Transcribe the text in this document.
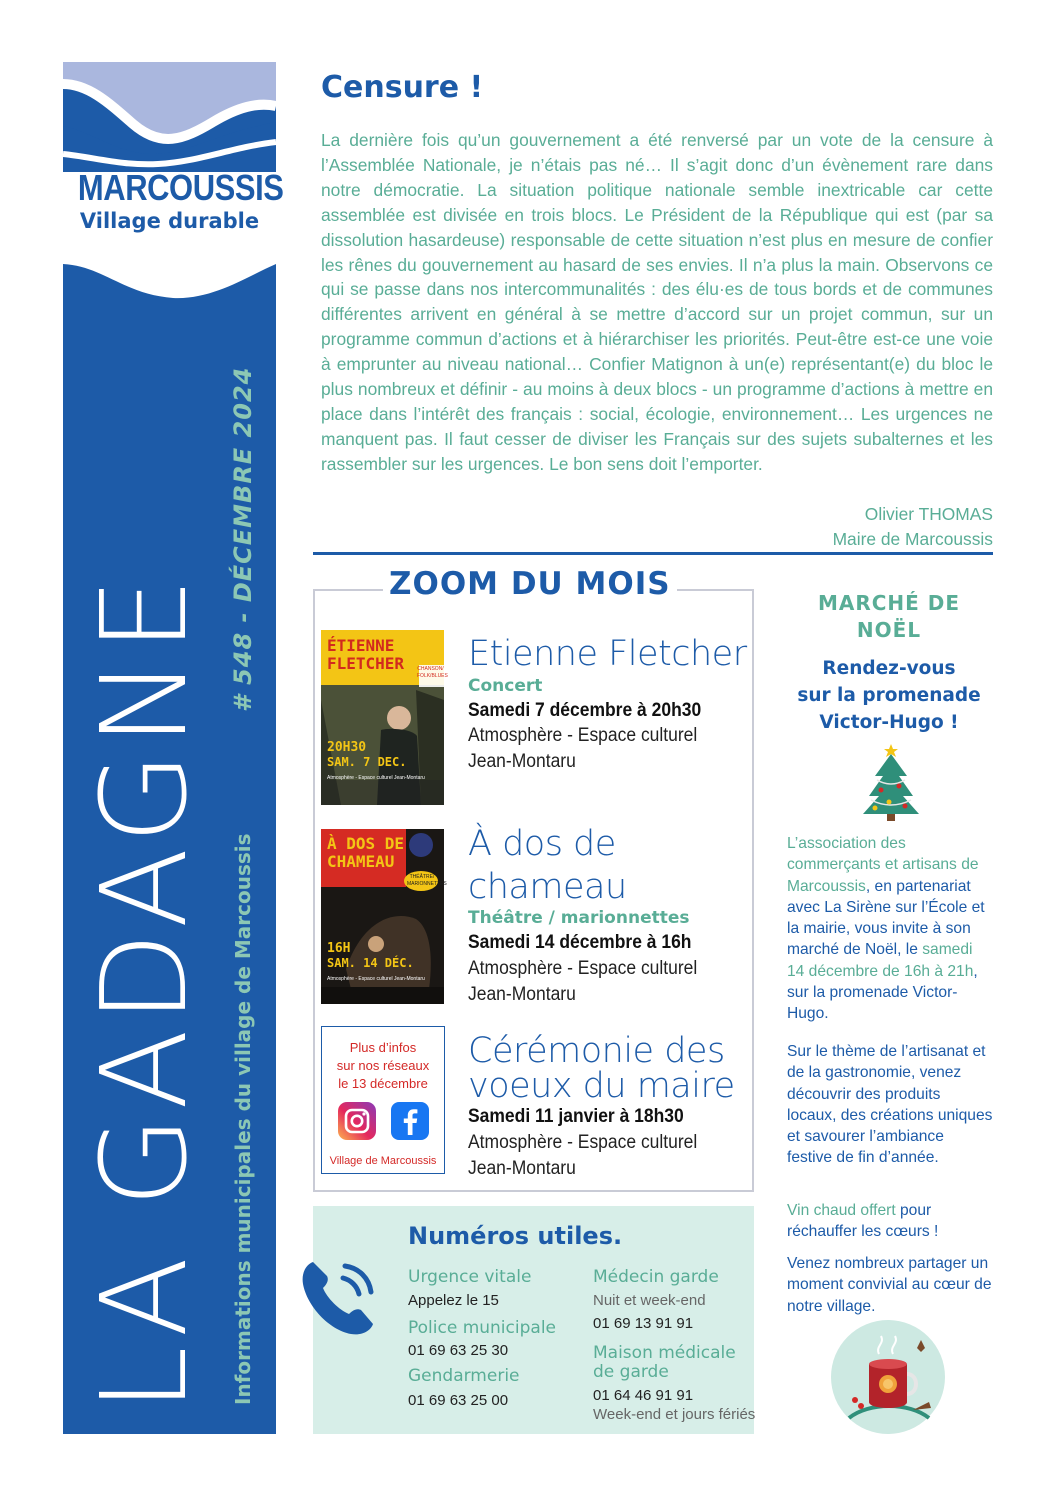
MARCOUSSIS
Village durable
LA GADAGNE
# 548 - DÉCEMBRE 2024
Informations municipales du village de Marcoussis
Censure !

La dernière fois qu’un gouvernement a été renversé par un vote de la censure à l’Assemblée Nationale, je n’étais pas né… Il s’agit donc d’un évènement rare dans notre démocratie. La situation politique nationale semble inextricable car cette assemblée est divisée en trois blocs. Le Président de la République qui est (par sa dissolution hasardeuse) responsable de cette situation n’est plus en mesure de confier les rênes du gouvernement au hasard de ses envies. Il n’a plus la main. Observons ce qui se passe dans nos intercommunalités : des élu·es de tous bords et de communes différentes arrivent en général à se mettre d’accord sur un projet commun, sur un programme commun d’actions et à hiérarchiser les priorités. Peut-être est-ce une voie à emprunter au niveau national… Confier Matignon à un(e) représentant(e) du bloc le plus nombreux et définir - au moins à deux blocs - un programme d’actions à mettre en place dans l’intérêt des français : social, écologie, environnement… Les urgences ne manquent pas. Il faut cesser de diviser les Français sur des sujets subalternes et les rassembler sur les urgences. Le bon sens doit l’emporter.

Olivier THOMAS
Maire de Marcoussis
ZOOM DU MOIS
ÉTIENNE
FLETCHER	CHANSON/ FOLK/BLUES
20H30
SAM. 7 DEC.
Atmosphère - Espace culturel Jean-Montaru
Etienne Fletcher
Concert
Samedi 7 décembre à 20h30
Atmosphère - Espace culturel Jean-Montaru
À DOS DE
CHAMEAU
THÉÂTRE/ MARIONNETTES
16H
SAM. 14 DÉC.
Atmosphère - Espace culturel Jean-Montaru
À dos de
chameau
Théâtre / marionnettes
Samedi 14 décembre à 16h
Atmosphère - Espace culturel Jean-Montaru
Plus d’infos
sur nos réseaux
le 13 décembre
Village de Marcoussis
Cérémonie des
voeux du maire
Samedi 11 janvier à 18h30
Atmosphère - Espace culturel Jean-Montaru
Numéros utiles.
Urgence vitale
Appelez le 15
Police municipale
01 69 63 25 30
Gendarmerie
01 69 63 25 00
Médecin garde
Nuit et week-end
01 69 13 91 91
Maison médicale
de garde
01 64 46 91 91
Week-end et jours fériés
MARCHÉ DE
NOËL
Rendez-vous
sur la promenade
Victor-Hugo !

L’association des commerçants et artisans de Marcoussis, en partenariat avec La Sirène sur l’École et la mairie, vous invite à son marché de Noël, le samedi 14 décembre de 16h à 21h, sur la promenade Victor-Hugo.

Sur le thème de l’artisanat et de la gastronomie, venez découvrir des produits locaux, des créations uniques et savourer l’ambiance festive de fin d’année.

Vin chaud offert pour réchauffer les cœurs !

Venez nombreux partager un moment convivial au cœur de notre village.
